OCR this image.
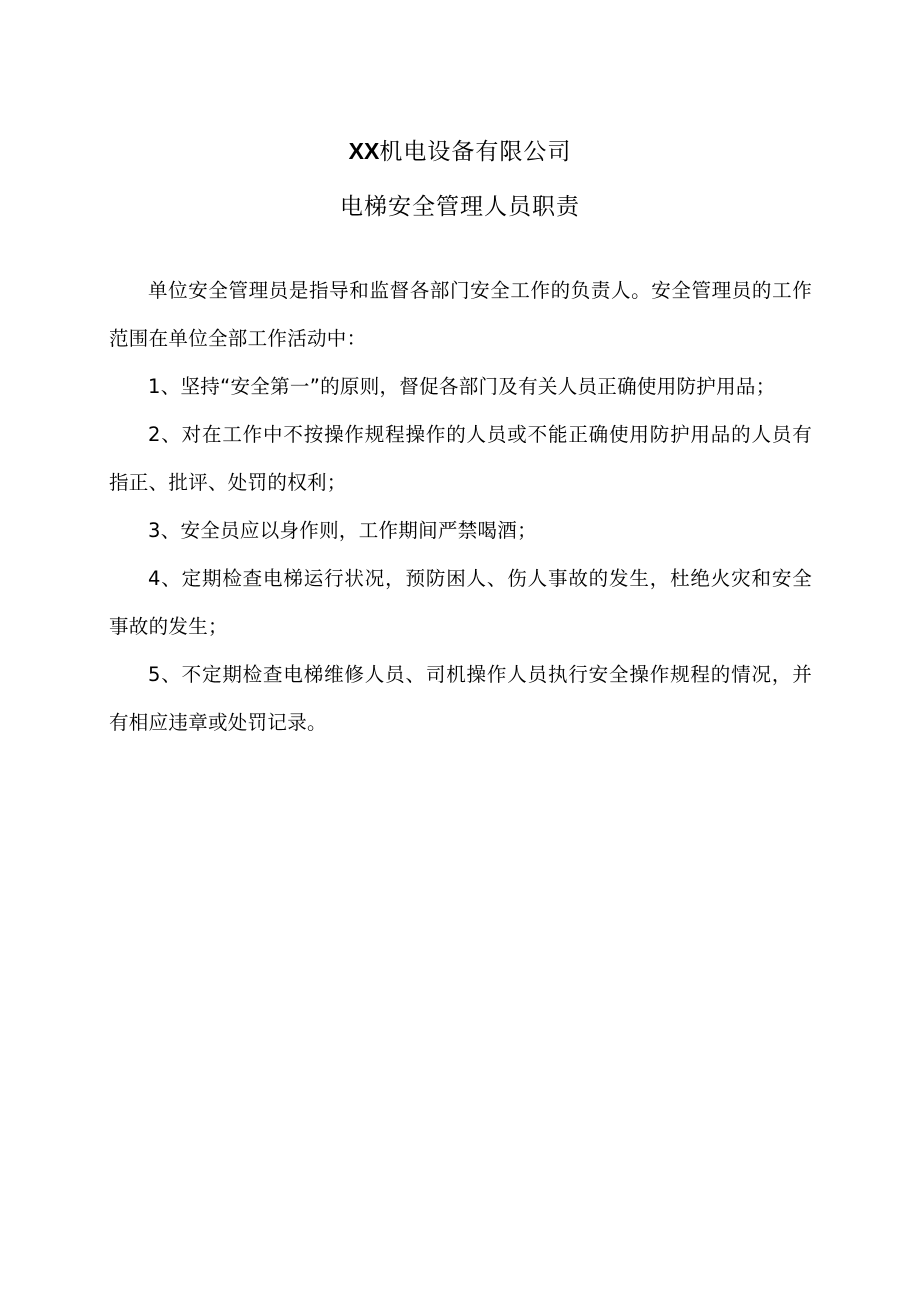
XX机电设备有限公司
电梯安全管理人员职责

单位安全管理员是指导和监督各部门安全工作的负责人。安全管理员的工作范围在单位全部工作活动中：

1、坚持“安全第一”的原则，督促各部门及有关人员正确使用防护用品；

2、对在工作中不按操作规程操作的人员或不能正确使用防护用品的人员有指正、批评、处罚的权利；

3、安全员应以身作则，工作期间严禁喝酒；

4、定期检查电梯运行状况，预防困人、伤人事故的发生，杜绝火灾和安全事故的发生；

5、不定期检查电梯维修人员、司机操作人员执行安全操作规程的情况，并有相应违章或处罚记录。
